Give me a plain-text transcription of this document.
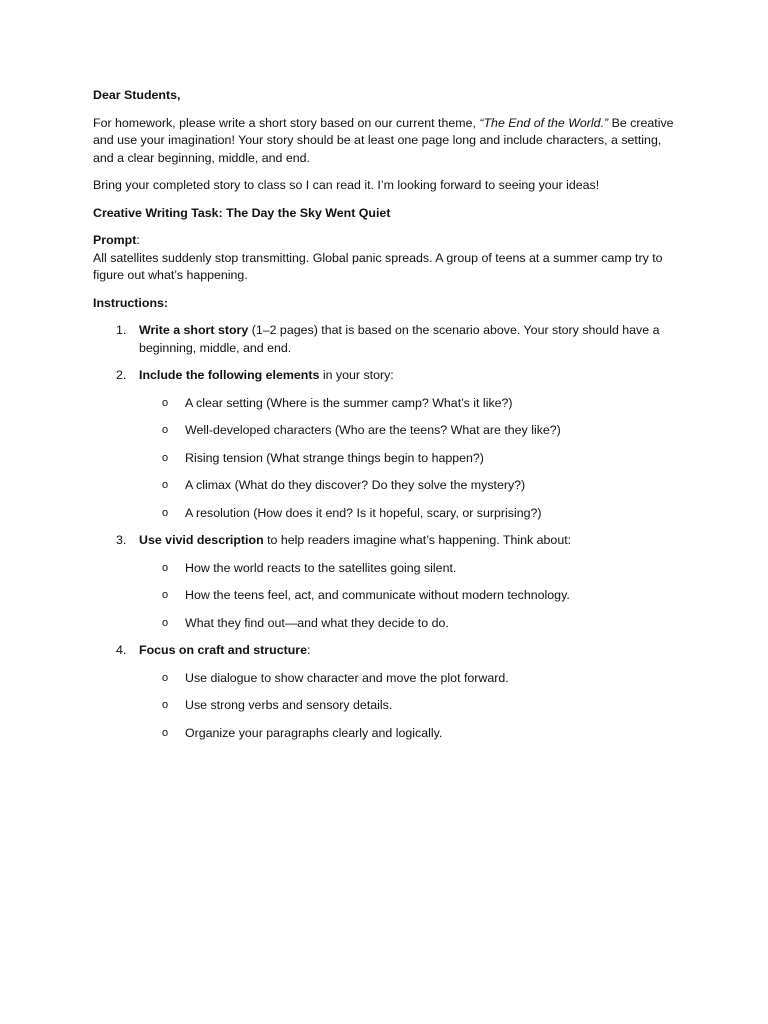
Dear Students,

For homework, please write a short story based on our current theme, “The End of the World.” Be creative and use your imagination! Your story should be at least one page long and include characters, a setting, and a clear beginning, middle, and end.

Bring your completed story to class so I can read it. I’m looking forward to seeing your ideas!

Creative Writing Task: The Day the Sky Went Quiet

Prompt:

All satellites suddenly stop transmitting. Global panic spreads. A group of teens at a summer camp try to figure out what’s happening.

Instructions:

1. Write a short story (1–2 pages) that is based on the scenario above. Your story should have a beginning, middle, and end.
2. Include the following elements in your story:
o A clear setting (Where is the summer camp? What’s it like?)
o Well-developed characters (Who are the teens? What are they like?)
o Rising tension (What strange things begin to happen?)
o A climax (What do they discover? Do they solve the mystery?)
o A resolution (How does it end? Is it hopeful, scary, or surprising?)
3. Use vivid description to help readers imagine what’s happening. Think about:
o How the world reacts to the satellites going silent.
o How the teens feel, act, and communicate without modern technology.
o What they find out—and what they decide to do.
4. Focus on craft and structure:
o Use dialogue to show character and move the plot forward.
o Use strong verbs and sensory details.
o Organize your paragraphs clearly and logically.
